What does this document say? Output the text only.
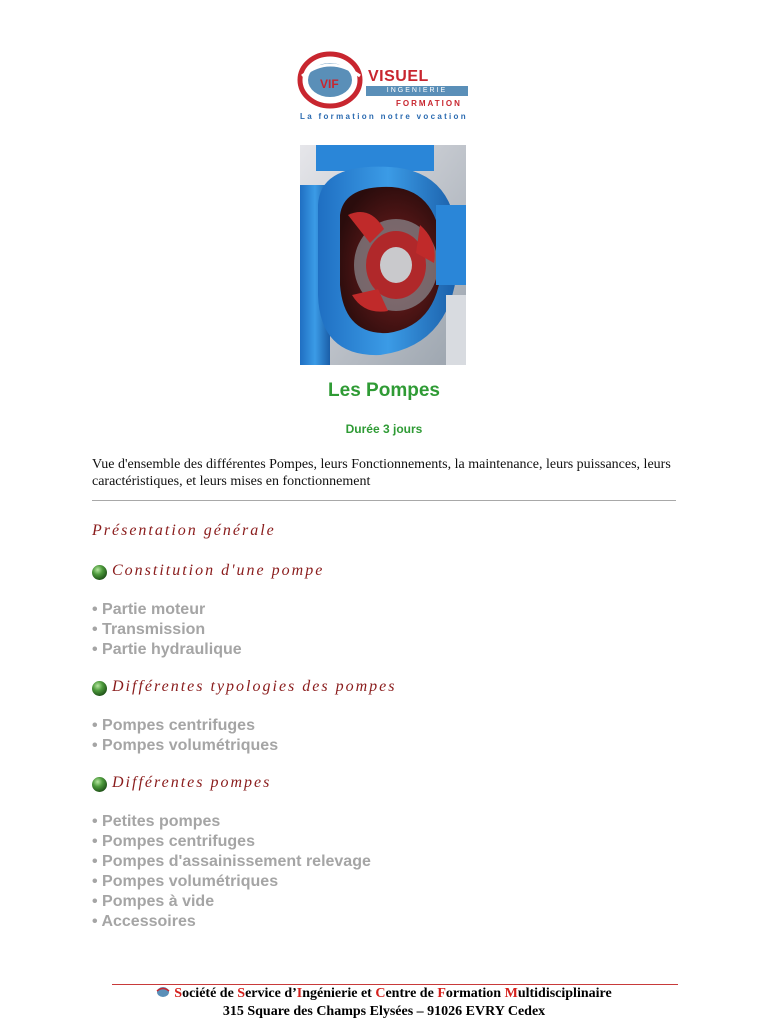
VIF VISUEL
INGENIERIE
FORMATION
La formation notre vocation
Les Pompes
Durée 3 jours
Vue d'ensemble des différentes Pompes, leurs Fonctionnements, la maintenance, leurs puissances, leurs caractéristiques, et leurs mises en fonctionnement
Présentation générale
Constitution d'une pompe
• Partie moteur
• Transmission
• Partie hydraulique
Différentes typologies des pompes
• Pompes centrifuges
• Pompes volumétriques
Différentes pompes
• Petites pompes
• Pompes centrifuges
• Pompes d'assainissement relevage
• Pompes volumétriques
• Pompes à vide
• Accessoires
Société de Service d’Ingénierie et Centre de Formation Multidisciplinaire
315 Square des Champs Elysées – 91026 EVRY Cedex
